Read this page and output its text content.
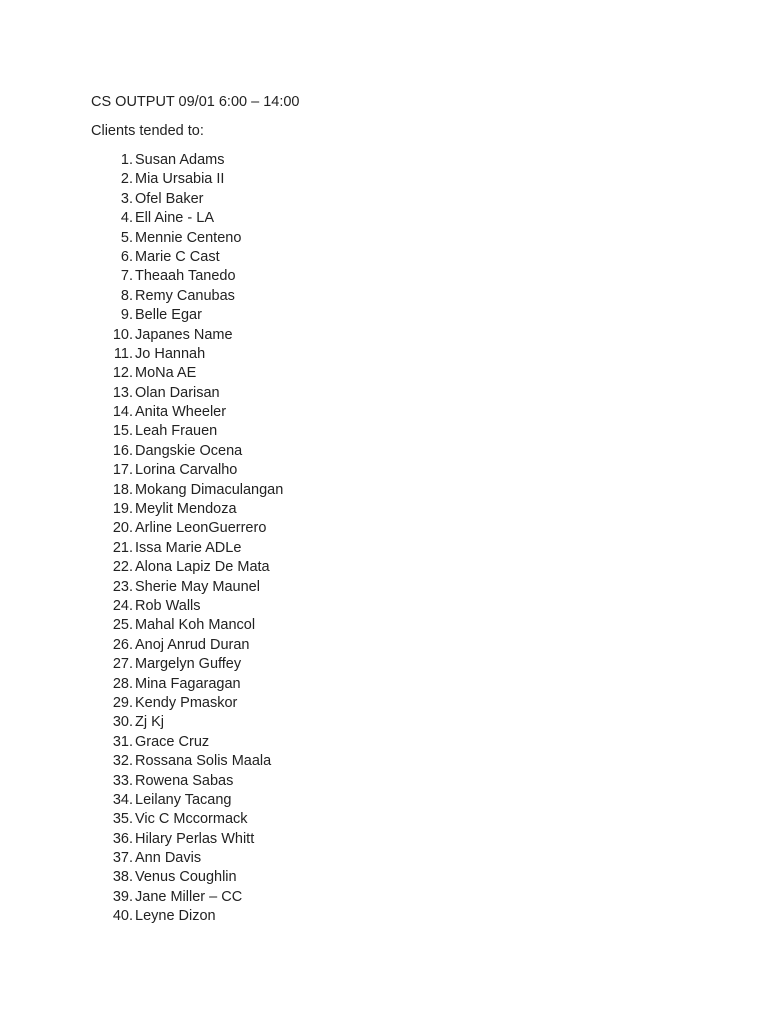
CS OUTPUT 09/01 6:00 – 14:00
Clients tended to:
1. Susan Adams
2. Mia Ursabia II
3. Ofel Baker
4. Ell Aine - LA
5. Mennie Centeno
6. Marie C Cast
7. Theaah Tanedo
8. Remy Canubas
9. Belle Egar
10. Japanes Name
11. Jo Hannah
12. MoNa AE
13. Olan Darisan
14. Anita Wheeler
15. Leah Frauen
16. Dangskie Ocena
17. Lorina Carvalho
18. Mokang Dimaculangan
19. Meylit Mendoza
20. Arline LeonGuerrero
21. Issa Marie ADLe
22. Alona Lapiz De Mata
23. Sherie May Maunel
24. Rob Walls
25. Mahal Koh Mancol
26. Anoj Anrud Duran
27. Margelyn Guffey
28. Mina Fagaragan
29. Kendy Pmaskor
30. Zj Kj
31. Grace Cruz
32. Rossana Solis Maala
33. Rowena Sabas
34. Leilany Tacang
35. Vic C Mccormack
36. Hilary Perlas Whitt
37. Ann Davis
38. Venus Coughlin
39. Jane Miller – CC
40. Leyne Dizon
